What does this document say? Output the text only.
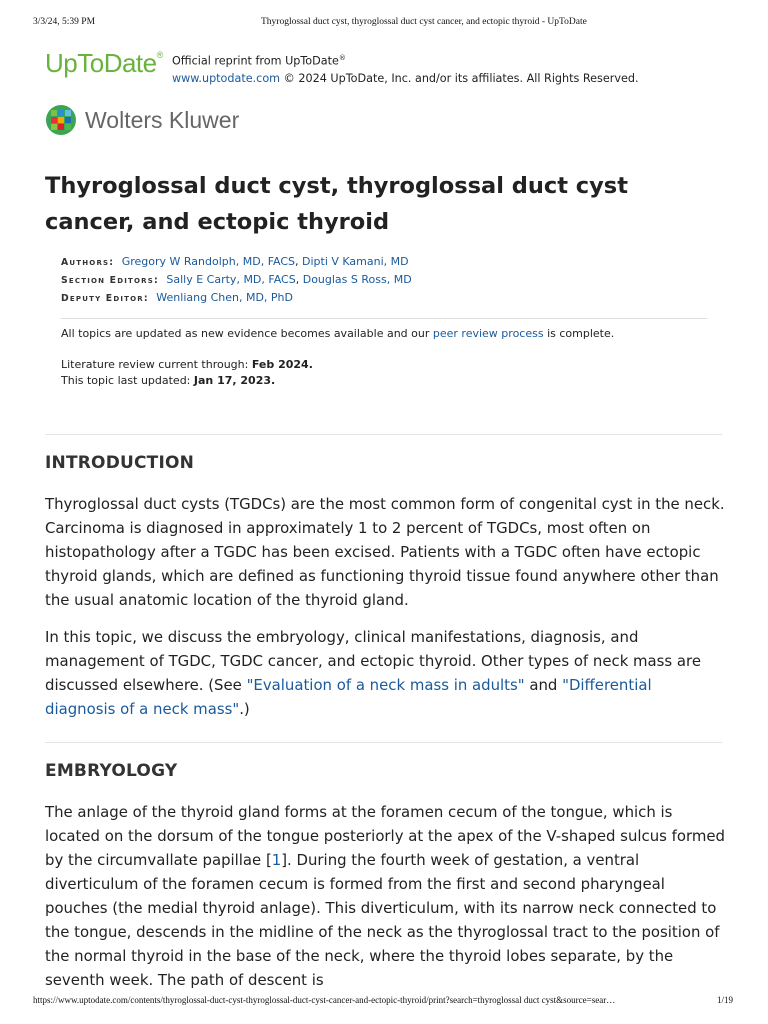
3/3/24, 5:39 PM	Thyroglossal duct cyst, thyroglossal duct cyst cancer, and ectopic thyroid - UpToDate
UpToDate® Official reprint from UpToDate®
www.uptodate.com © 2024 UpToDate, Inc. and/or its affiliates. All Rights Reserved.
Wolters Kluwer
Thyroglossal duct cyst, thyroglossal duct cyst cancer, and ectopic thyroid
Authors: Gregory W Randolph, MD, FACS, Dipti V Kamani, MD
Section Editors: Sally E Carty, MD, FACS, Douglas S Ross, MD
Deputy Editor: Wenliang Chen, MD, PhD
All topics are updated as new evidence becomes available and our peer review process is complete.
Literature review current through: Feb 2024.
This topic last updated: Jan 17, 2023.
INTRODUCTION

Thyroglossal duct cysts (TGDCs) are the most common form of congenital cyst in the neck. Carcinoma is diagnosed in approximately 1 to 2 percent of TGDCs, most often on histopathology after a TGDC has been excised. Patients with a TGDC often have ectopic thyroid glands, which are defined as functioning thyroid tissue found anywhere other than the usual anatomic location of the thyroid gland.

In this topic, we discuss the embryology, clinical manifestations, diagnosis, and management of TGDC, TGDC cancer, and ectopic thyroid. Other types of neck mass are discussed elsewhere. (See "Evaluation of a neck mass in adults" and "Differential diagnosis of a neck mass".)

EMBRYOLOGY

The anlage of the thyroid gland forms at the foramen cecum of the tongue, which is located on the dorsum of the tongue posteriorly at the apex of the V-shaped sulcus formed by the circumvallate papillae [1]. During the fourth week of gestation, a ventral diverticulum of the foramen cecum is formed from the first and second pharyngeal pouches (the medial thyroid anlage). This diverticulum, with its narrow neck connected to the tongue, descends in the midline of the neck as the thyroglossal tract to the position of the normal thyroid in the base of the neck, where the thyroid lobes separate, by the seventh week. The path of descent is

https://www.uptodate.com/contents/thyroglossal-duct-cyst-thyroglossal-duct-cyst-cancer-and-ectopic-thyroid/print?search=thyroglossal duct cyst&source=sear…	1/19
